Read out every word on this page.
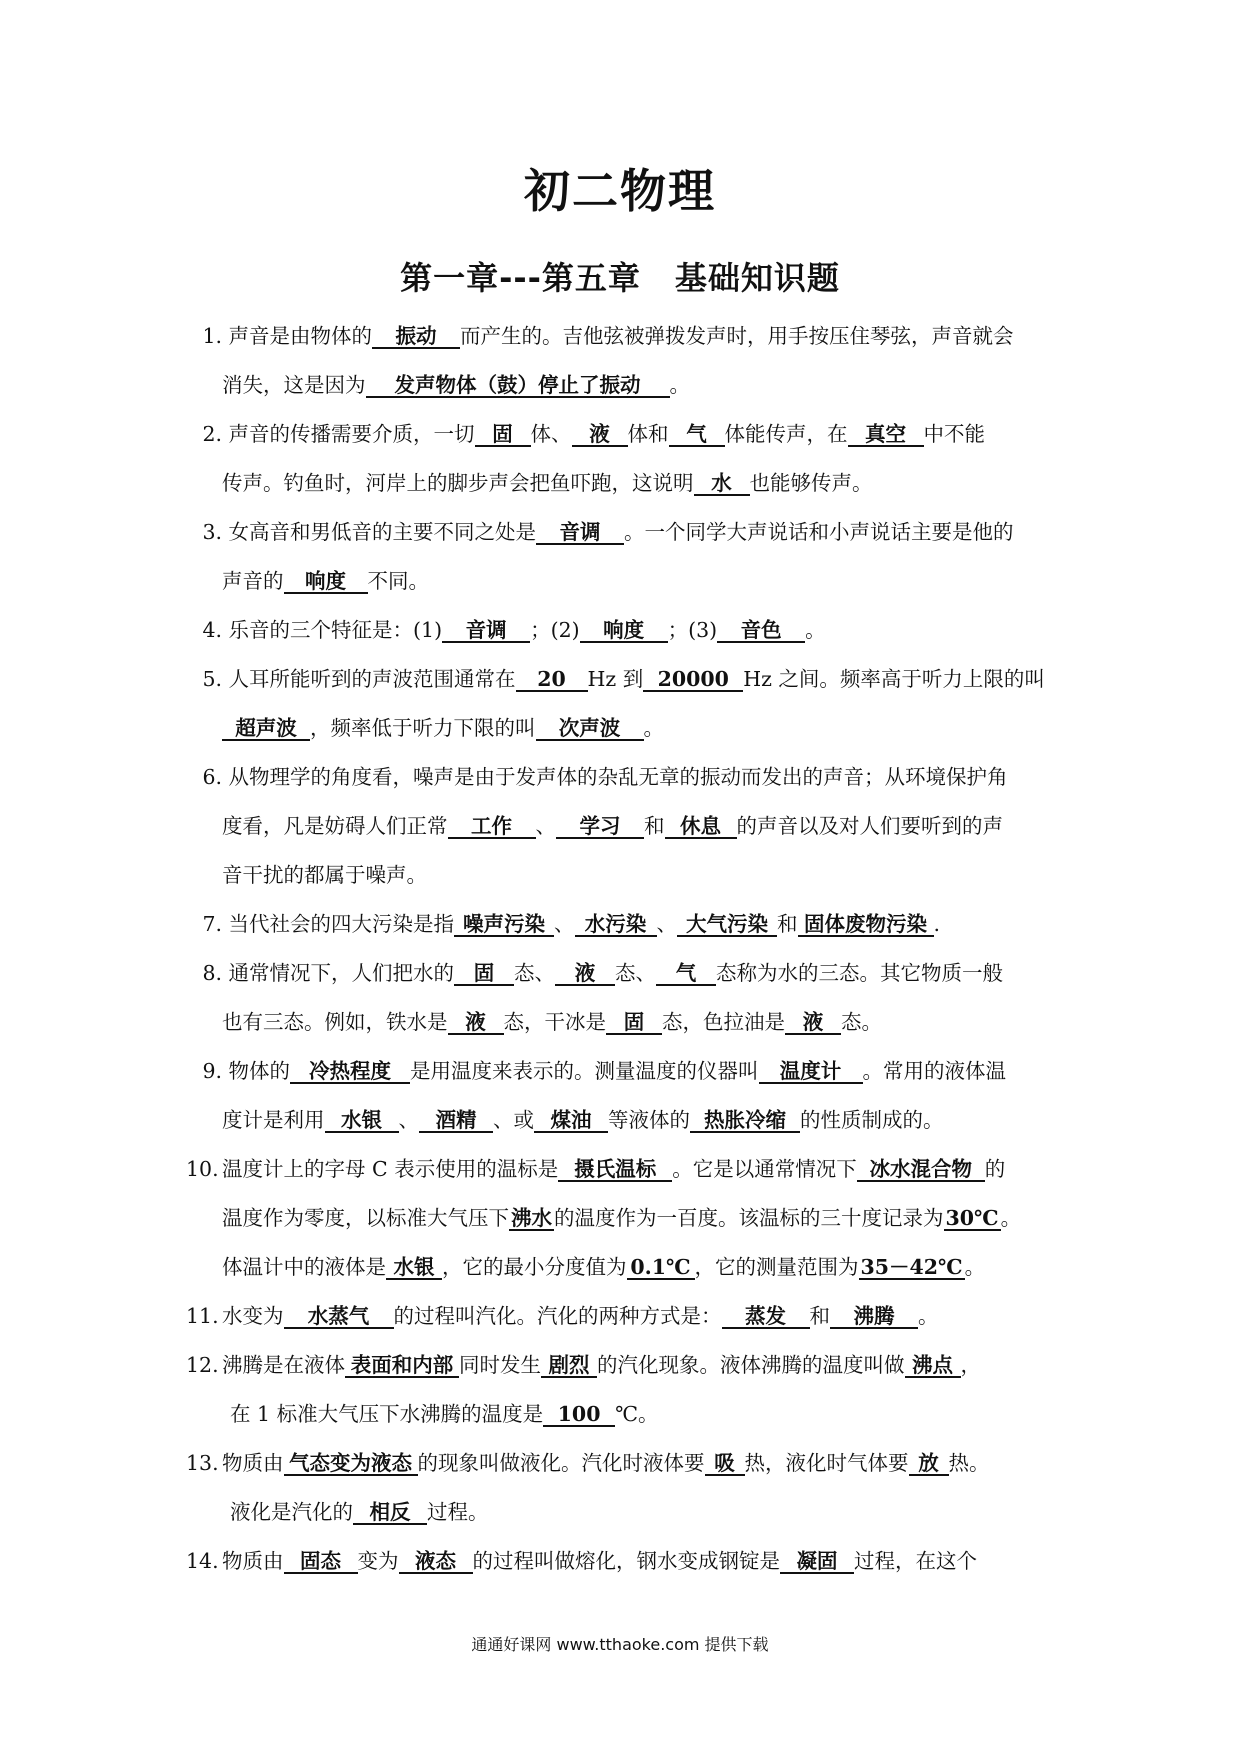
初二物理
第一章---第五章 基础知识题
1. 声音是由物体的 振动 而产生的。吉他弦被弹拨发声时，用手按压住琴弦，声音就会
消失，这是因为 发声物体（鼓）停止了振动 。
2. 声音的传播需要介质，一切 固 体、 液 体和 气 体能传声，在 真空 中不能
传声。钓鱼时，河岸上的脚步声会把鱼吓跑，这说明 水 也能够传声。
3. 女高音和男低音的主要不同之处是 音调 。一个同学大声说话和小声说话主要是他的
声音的 响度 不同。
4. 乐音的三个特征是：(1) 音调 ；(2) 响度 ；(3) 音色 。
5. 人耳所能听到的声波范围通常在 20 Hz 到 20000 Hz 之间。频率高于听力上限的叫
超声波 ，频率低于听力下限的叫 次声波 。
6. 从物理学的角度看，噪声是由于发声体的杂乱无章的振动而发出的声音；从环境保护角
度看，凡是妨碍人们正常 工作 、 学习 和 休息 的声音以及对人们要听到的声
音干扰的都属于噪声。
7. 当代社会的四大污染是指 噪声污染 、 水污染 、 大气污染 和 固体废物污染 .
8. 通常情况下，人们把水的 固 态、 液 态、 气 态称为水的三态。其它物质一般
也有三态。例如，铁水是 液 态，干冰是 固 态，色拉油是 液 态。
9. 物体的 冷热程度 是用温度来表示的。测量温度的仪器叫 温度计 。常用的液体温
度计是利用 水银 、 酒精 、或 煤油 等液体的 热胀冷缩 的性质制成的。
10. 温度计上的字母 C 表示使用的温标是 摄氏温标 。它是以通常情况下 冰水混合物 的
温度作为零度，以标准大气压下沸水的温度作为一百度。该温标的三十度记录为30℃。
体温计中的液体是 水银 ，它的最小分度值为 0.1℃ ，它的测量范围为35－42℃。
11. 水变为 水蒸气 的过程叫汽化。汽化的两种方式是： 蒸发 和 沸腾 。
12. 沸腾是在液体 表面和内部 同时发生 剧烈 的汽化现象。液体沸腾的温度叫做 沸点 ，
在 1 标准大气压下水沸腾的温度是 100 ℃。
13. 物质由 气态变为液态 的现象叫做液化。汽化时液体要 吸 热，液化时气体要 放 热。
液化是汽化的 相反 过程。
14. 物质由 固态 变为 液态 的过程叫做熔化，钢水变成钢锭是 凝固 过程，在这个
通通好课网 www.tthaoke.com 提供下载
